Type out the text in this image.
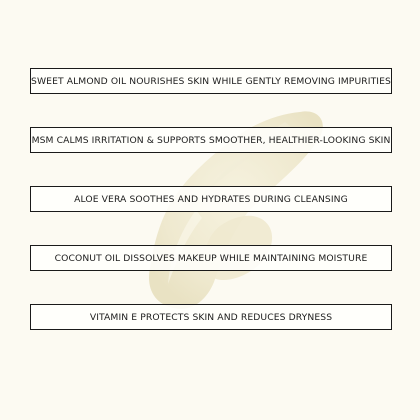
SWEET ALMOND OIL NOURISHES SKIN WHILE GENTLY REMOVING IMPURITIES
MSM CALMS IRRITATION & SUPPORTS SMOOTHER, HEALTHIER-LOOKING SKIN
ALOE VERA SOOTHES AND HYDRATES DURING CLEANSING
COCONUT OIL DISSOLVES MAKEUP WHILE MAINTAINING MOISTURE
VITAMIN E PROTECTS SKIN AND REDUCES DRYNESS
